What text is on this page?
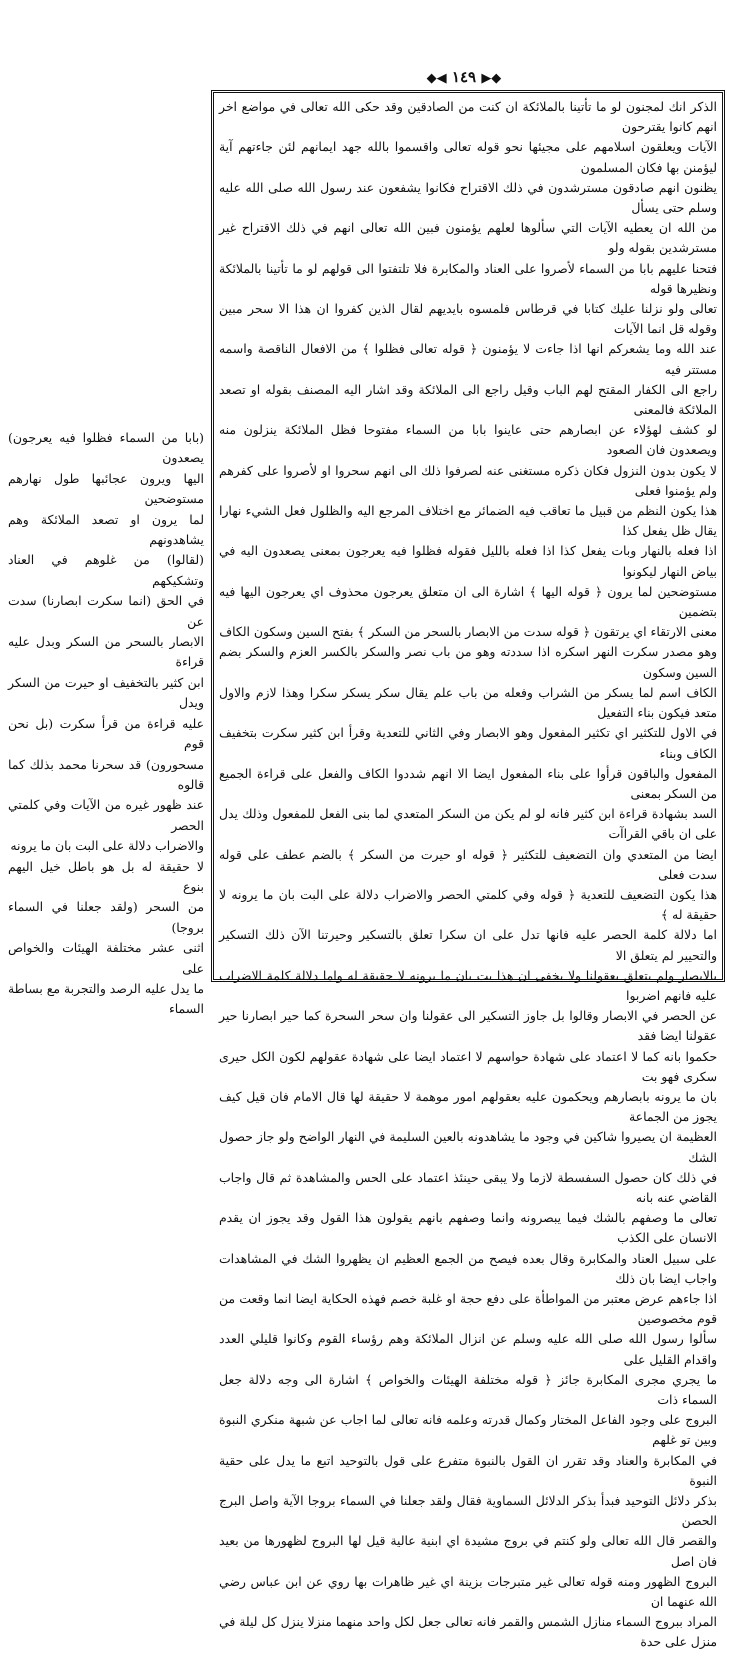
◆◀ ١٤٩ ▶◆

الذكر انك لمجنون لو ما تأتينا بالملائكة ان كنت من الصادقين وقد حكى الله تعالى في مواضع اخر انهم كانوا يقترحون

الآيات ويعلقون اسلامهم على مجيئها نحو قوله تعالى واقسموا بالله جهد ايمانهم لئن جاءتهم آية ليؤمنن بها فكان المسلمون

يظنون انهم صادقون مسترشدون في ذلك الاقتراح فكانوا يشفعون عند رسول الله صلى الله عليه وسلم حتى يسأل

من الله ان يعطيه الآيات التي سألوها لعلهم يؤمنون فبين الله تعالى انهم في ذلك الاقتراح غير مسترشدين بقوله ولو

فتحنا عليهم بابا من السماء لأصروا على العناد والمكابرة فلا تلتفتوا الى قولهم لو ما تأتينا بالملائكة ونظيرها قوله

تعالى ولو نزلنا عليك كتابا في قرطاس فلمسوه بايديهم لقال الذين كفروا ان هذا الا سحر مبين وقوله قل انما الآيات

عند الله وما يشعركم انها اذا جاءت لا يؤمنون ﴿ قوله تعالى فظلوا ﴾ من الافعال الناقصة واسمه مستتر فيه

راجع الى الكفار المقتح لهم الباب وقيل راجع الى الملائكة وقد اشار اليه المصنف بقوله او تصعد الملائكة فالمعنى

لو كشف لهؤلاء عن ابصارهم حتى عاينوا بابا من السماء مفتوحا فظل الملائكة ينزلون منه ويصعدون فان الصعود

لا يكون بدون النزول فكان ذكره مستغنى عنه لصرفوا ذلك الى انهم سحروا او لأصروا على كفرهم ولم يؤمنوا فعلى

هذا يكون النظم من قبيل ما تعاقب فيه الضمائر مع اختلاف المرجع اليه والظلول فعل الشيء نهارا يقال ظل يفعل كذا

اذا فعله بالنهار وبات يفعل كذا اذا فعله بالليل فقوله فظلوا فيه يعرجون بمعنى يصعدون اليه في بياض النهار ليكونوا

مستوضحين لما يرون ﴿ قوله اليها ﴾ اشارة الى ان متعلق يعرجون محذوف اي يعرجون اليها فيه بتضمين

معنى الارتقاء اي يرتقون ﴿ قوله سدت من الابصار بالسحر من السكر ﴾ بفتح السين وسكون الكاف

وهو مصدر سكرت النهر اسكره اذا سددته وهو من باب نصر والسكر بالكسر العزم والسكر بضم السين وسكون

الكاف اسم لما يسكر من الشراب وفعله من باب علم يقال سكر يسكر سكرا وهذا لازم والاول متعد فيكون بناء التفعيل

في الاول للتكثير اي تكثير المفعول وهو الابصار وفي الثاني للتعدية وقرأ ابن كثير سكرت بتخفيف الكاف وبناء

المفعول والباقون قرأوا على بناء المفعول ايضا الا انهم شددوا الكاف والفعل على قراءة الجميع من السكر بمعنى

السد بشهادة قراءة ابن كثير فانه لو لم يكن من السكر المتعدي لما بنى الفعل للمفعول وذلك يدل على ان باقي القراآت

ايضا من المتعدي وان التضعيف للتكثير ﴿ قوله او حيرت من السكر ﴾ بالضم عطف على قوله سدت فعلى

هذا يكون التضعيف للتعدية ﴿ قوله وفي كلمتي الحصر والاضراب دلالة على البت بان ما يرونه لا حقيقة له ﴾

اما دلالة كلمة الحصر عليه فانها تدل على ان سكرا تعلق بالتسكير وحيرتنا الآن ذلك التسكير والتحيير لم يتعلق الا

بالابصار ولم يتعلق بعقولنا ولا يخفى ان هذا بت بان ما يرونه لا حقيقة له واما دلالة كلمة الاضراب عليه فانهم اضربوا

عن الحصر في الابصار وقالوا بل جاوز التسكير الى عقولنا وان سحر السحرة كما حير ابصارنا حير عقولنا ايضا فقد

حكموا بانه كما لا اعتماد على شهادة حواسهم لا اعتماد ايضا على شهادة عقولهم لكون الكل حيرى سكرى فهو بت

بان ما يرونه بابصارهم ويحكمون عليه بعقولهم امور موهمة لا حقيقة لها قال الامام فان قيل كيف يجوز من الجماعة

العظيمة ان يصيروا شاكين في وجود ما يشاهدونه بالعين السليمة في النهار الواضح ولو جاز حصول الشك

في ذلك كان حصول السفسطة لازما ولا يبقى حينئذ اعتماد على الحس والمشاهدة ثم قال واجاب القاضي عنه بانه

تعالى ما وصفهم بالشك فيما يبصرونه وانما وصفهم بانهم يقولون هذا القول وقد يجوز ان يقدم الانسان على الكذب

على سبيل العناد والمكابرة وقال بعده فيصح من الجمع العظيم ان يظهروا الشك في المشاهدات واجاب ايضا بان ذلك

اذا جاءهم عرض معتبر من المواطأة على دفع حجة او غلبة خصم فهذه الحكاية ايضا انما وقعت من قوم مخصوصين

سألوا رسول الله صلى الله عليه وسلم عن انزال الملائكة وهم رؤساء القوم وكانوا قليلي العدد واقدام القليل على

ما يجري مجرى المكابرة جائز ﴿ قوله مختلفة الهيئات والخواص ﴾ اشارة الى وجه دلالة جعل السماء ذات

البروج على وجود الفاعل المختار وكمال قدرته وعلمه فانه تعالى لما اجاب عن شبهة منكري النبوة وبين تو غلهم

في المكابرة والعناد وقد تقرر ان القول بالنبوة متفرع على قول بالتوحيد اتبع ما يدل على حقية النبوة

بذكر دلائل التوحيد فبدأ بذكر الدلائل السماوية فقال ولقد جعلنا في السماء بروجا الآية واصل البرج الحصن

والقصر قال الله تعالى ولو كنتم في بروج مشيدة اي ابنية عالية قيل لها البروج لظهورها من بعيد فان اصل

البروج الظهور ومنه قوله تعالى غير متبرجات بزينة اي غير ظاهرات بها روي عن ابن عباس رضي الله عنهما ان

المراد ببروج السماء منازل الشمس والقمر فانه تعالى جعل لكل واحد منهما منزلا ينزل كل ليلة في منزل على حدة

(بابا من السماء فظلوا فيه يعرجون) يصعدون

اليها ويرون عجائبها طول نهارهم مستوضحين

لما يرون او تصعد الملائكة وهم يشاهدونهم

(لقالوا) من غلوهم في العناد وتشكيكهم

في الحق (انما سكرت ابصارنا) سدت عن

الابصار بالسحر من السكر وبدل عليه قراءة

ابن كثير بالتخفيف او حيرت من السكر ويدل

عليه قراءة من قرأ سكرت (بل نحن قوم

مسحورون) قد سحرنا محمد بذلك كما قالوه

عند ظهور غيره من الآيات وفي كلمتي الحصر

والاضراب دلالة على البت بان ما يرونه

لا حقيقة له بل هو باطل خيل اليهم بنوع

من السحر (ولقد جعلنا في السماء بروجا)

اثنى عشر مختلفة الهيئات والخواص على

ما يدل عليه الرصد والتجربة مع بساطة السماء
